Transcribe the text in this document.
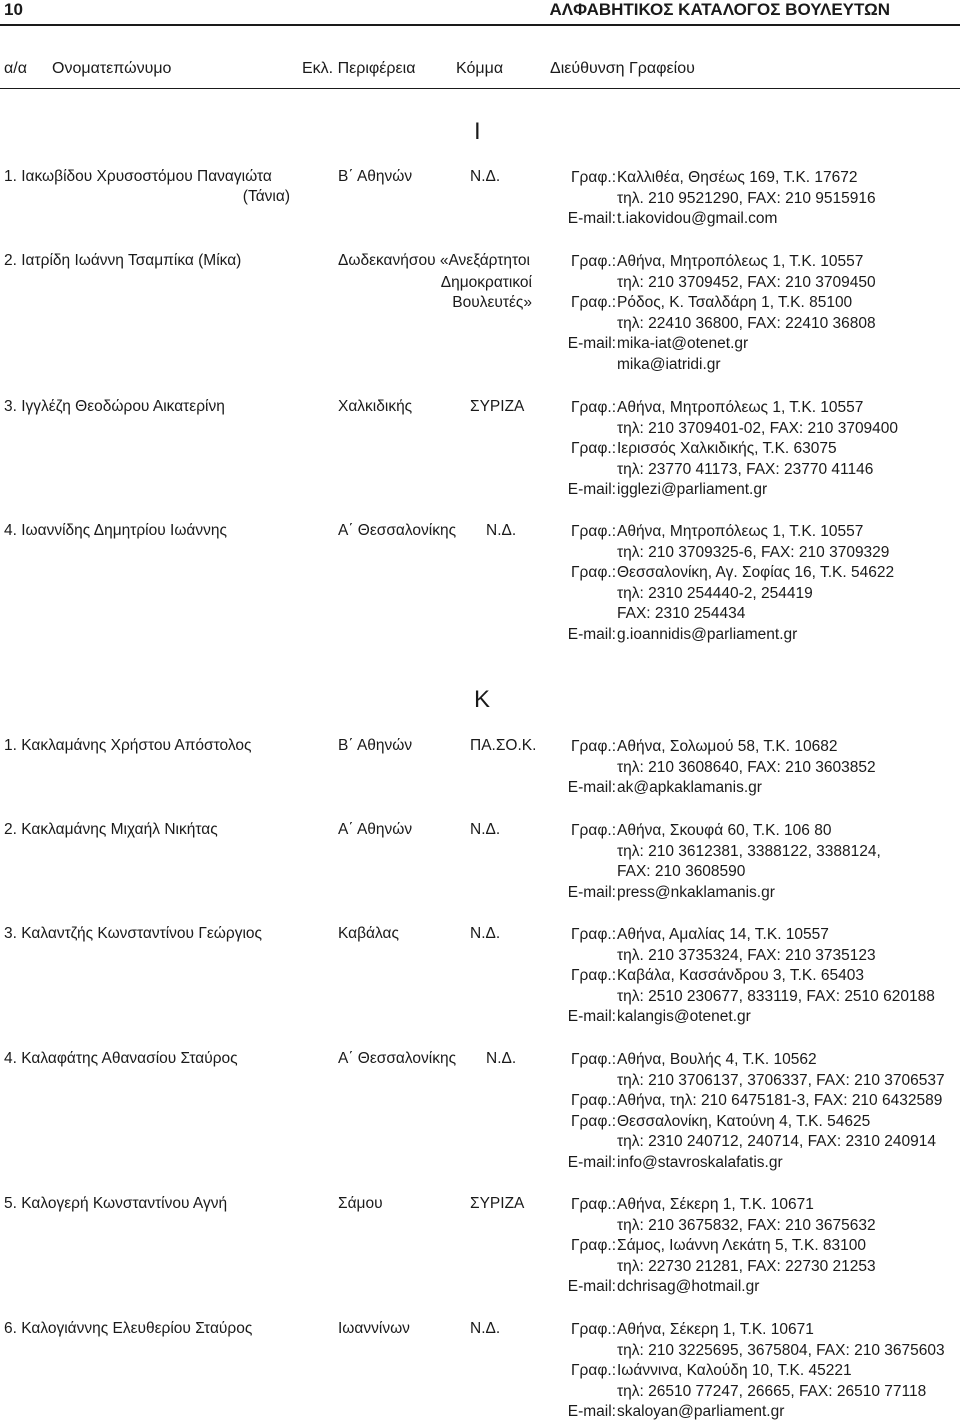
10	ΑΛΦΑΒΗΤΙΚΟΣ ΚΑΤΑΛΟΓΟΣ ΒΟΥΛΕΥΤΩΝ
α/α Ονοματεπώνυμο	Εκλ. Περιφέρεια	Κόμμα	Διεύθυνση Γραφείου
Ι
1. Ιακωβίδου Χρυσοστόμου Παναγιώτα
(Τάνια)
Β΄ Αθηνών	Ν.Δ.	Γραφ.: Καλλιθέα, Θησέως 169, Τ.Κ. 17672
τηλ. 210 9521290, FAX: 210 9515916
E-mail: t.iakovidou@gmail.com
2. Ιατρίδη Ιωάννη Τσαμπίκα (Μίκα)	Δωδεκανήσου «Ανεξάρτητοι
Δημοκρατικοί
Βουλευτές»
Γραφ.: Αθήνα, Μητροπόλεως 1, Τ.Κ. 10557
τηλ: 210 3709452, FAX: 210 3709450
Γραφ.: Ρόδος, Κ. Τσαλδάρη 1, Τ.Κ. 85100
τηλ: 22410 36800, FAX: 22410 36808
E-mail: mika-iat@otenet.gr
mika@iatridi.gr
3. Ιγγλέζη Θεοδώρου Αικατερίνη	Χαλκιδικής	ΣΥΡΙΖΑ	Γραφ.: Αθήνα, Μητροπόλεως 1, Τ.Κ. 10557
τηλ: 210 3709401-02, FAX: 210 3709400
Γραφ.: Ιερισσός Χαλκιδικής, Τ.Κ. 63075
τηλ: 23770 41173, FAX: 23770 41146
E-mail: igglezi@parliament.gr
4. Ιωαννίδης Δημητρίου Ιωάννης	Α΄ Θεσσαλονίκης Ν.Δ.	Γραφ.: Αθήνα, Μητροπόλεως 1, Τ.Κ. 10557
τηλ: 210 3709325-6, FAX: 210 3709329
Γραφ.: Θεσσαλονίκη, Αγ. Σοφίας 16, Τ.Κ. 54622
τηλ: 2310 254440-2, 254419
FAX: 2310 254434
E-mail: g.ioannidis@parliament.gr
Κ
1. Κακλαμάνης Χρήστου Απόστολος	Β΄ Αθηνών	ΠΑ.ΣΟ.Κ.	Γραφ.: Αθήνα, Σολωμού 58, Τ.Κ. 10682
τηλ: 210 3608640, FAX: 210 3603852
E-mail: ak@apkaklamanis.gr
2. Κακλαμάνης Μιχαήλ Νικήτας	Α΄ Αθηνών	Ν.Δ.	Γραφ.: Αθήνα, Σκουφά 60, Τ.Κ. 106 80
τηλ: 210 3612381, 3388122, 3388124,
FAX: 210 3608590
E-mail: press@nkaklamanis.gr
3. Καλαντζής Κωνσταντίνου Γεώργιος	Καβάλας	Ν.Δ.	Γραφ.: Αθήνα, Αμαλίας 14, Τ.Κ. 10557
τηλ. 210 3735324, FAX: 210 3735123
Γραφ.: Καβάλα, Κασσάνδρου 3, Τ.Κ. 65403
τηλ: 2510 230677, 833119, FAX: 2510 620188
E-mail: kalangis@otenet.gr
4. Καλαφάτης Αθανασίου Σταύρος	Α΄ Θεσσαλονίκης Ν.Δ.	Γραφ.: Αθήνα, Βουλής 4, Τ.Κ. 10562
τηλ: 210 3706137, 3706337, FAX: 210 3706537
Γραφ.: Αθήνα, τηλ: 210 6475181-3, FAX: 210 6432589
Γραφ.: Θεσσαλονίκη, Κατούνη 4, Τ.Κ. 54625
τηλ: 2310 240712, 240714, FAX: 2310 240914
E-mail: info@stavroskalafatis.gr
5. Καλογερή Κωνσταντίνου Αγνή	Σάμου	ΣΥΡΙΖΑ	Γραφ.: Αθήνα, Σέκερη 1, Τ.Κ. 10671
τηλ: 210 3675832, FAX: 210 3675632
Γραφ.: Σάμος, Ιωάννη Λεκάτη 5, Τ.Κ. 83100
τηλ: 22730 21281, FAX: 22730 21253
E-mail: dchrisag@hotmail.gr
6. Καλογιάννης Ελευθερίου Σταύρος	Ιωαννίνων	Ν.Δ.	Γραφ.: Αθήνα, Σέκερη 1, Τ.Κ. 10671
τηλ: 210 3225695, 3675804, FAX: 210 3675603
Γραφ.: Ιωάννινα, Καλούδη 10, Τ.Κ. 45221
τηλ: 26510 77247, 26665, FAX: 26510 77118
E-mail: skaloyan@parliament.gr
